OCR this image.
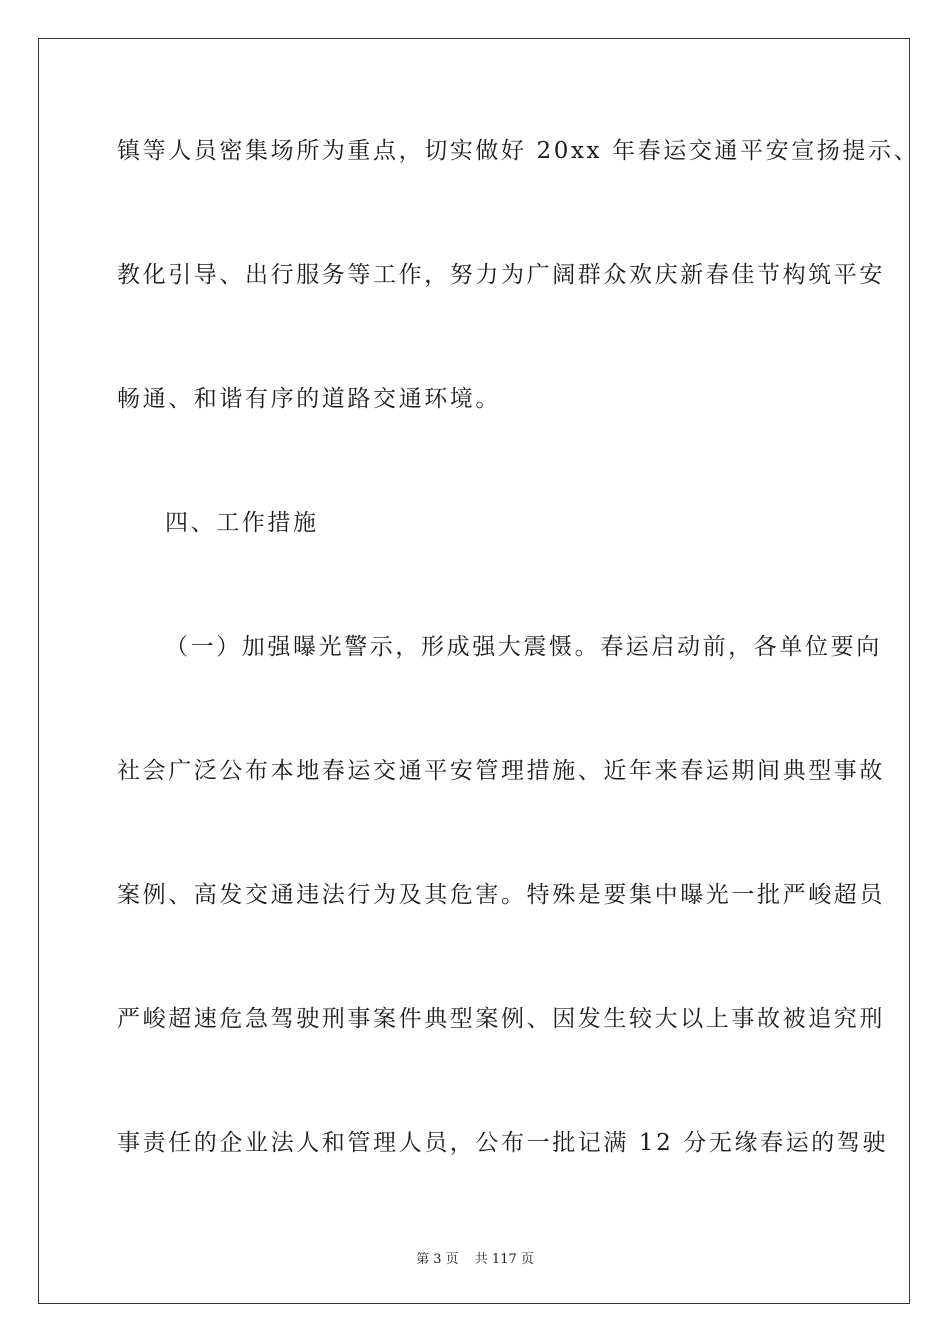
镇等人员密集场所为重点，切实做好 20xx 年春运交通平安宣扬提示、
教化引导、出行服务等工作，努力为广阔群众欢庆新春佳节构筑平安
畅通、和谐有序的道路交通环境。
四、工作措施
（一）加强曝光警示，形成强大震慑。春运启动前，各单位要向
社会广泛公布本地春运交通平安管理措施、近年来春运期间典型事故
案例、高发交通违法行为及其危害。特殊是要集中曝光一批严峻超员
严峻超速危急驾驶刑事案件典型案例、因发生较大以上事故被追究刑
事责任的企业法人和管理人员，公布一批记满 12 分无缘春运的驾驶
第 3 页 共 117 页
